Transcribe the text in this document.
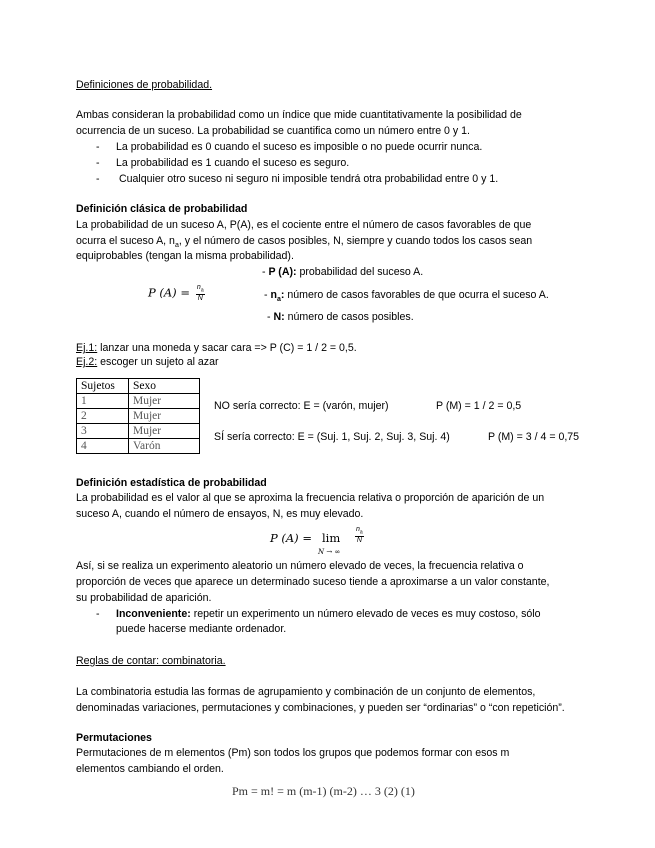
Definiciones de probabilidad.
Ambas consideran la probabilidad como un índice que mide cuantitativamente la posibilidad de
ocurrencia de un suceso. La probabilidad se cuantifica como un número entre 0 y 1.
- La probabilidad es 0 cuando el suceso es imposible o no puede ocurrir nunca.
- La probabilidad es 1 cuando el suceso es seguro.
- Cualquier otro suceso ni seguro ni imposible tendrá otra probabilidad entre 0 y 1.
Definición clásica de probabilidad
La probabilidad de un suceso A, P(A), es el cociente entre el número de casos favorables de que
ocurra el suceso A, $n_a$, y el número de casos posibles, N, siempre y cuando todos los casos sean
equiprobables (tengan la misma probabilidad).
P $(A) = \frac{n_a}{N}$
- P (A): probabilidad del suceso A.
- $n_a$: número de casos favorables de que ocurra el suceso A.
- N: número de casos posibles.
Ej.1: lanzar una moneda y sacar cara => P (C) = 1 / 2 = 0,5.
Ej.2: escoger un sujeto al azar
Sujetos	Sexo
1	Mujer
2	Mujer
3	Mujer
4	Varón
NO sería correcto: E = (varón, mujer)	P (M) = 1 / 2 = 0,5
SÍ sería correcto: E = (Suj. 1, Suj. 2, Suj. 3, Suj. 4)	P (M) = 3 / 4 = 0,75
Definición estadística de probabilidad
La probabilidad es el valor al que se aproxima la frecuencia relativa o proporción de aparición de un
suceso A, cuando el número de ensayos, N, es muy elevado.
P (A) = lim
N → ∞
$\frac{n_a}{N}$
Así, si se realiza un experimento aleatorio un número elevado de veces, la frecuencia relativa o
proporción de veces que aparece un determinado suceso tiende a aproximarse a un valor constante,
su probabilidad de aparición.
- Inconveniente: repetir un experimento un número elevado de veces es muy costoso, sólo
puede hacerse mediante ordenador.
Reglas de contar: combinatoria.
La combinatoria estudia las formas de agrupamiento y combinación de un conjunto de elementos,
denominadas variaciones, permutaciones y combinaciones, y pueden ser “ordinarias” o “con repetición”.
Permutaciones
Permutaciones de m elementos (Pm) son todos los grupos que podemos formar con esos m
elementos cambiando el orden.
Pm = m! = m (m-1) (m-2) … 3 (2) (1)
